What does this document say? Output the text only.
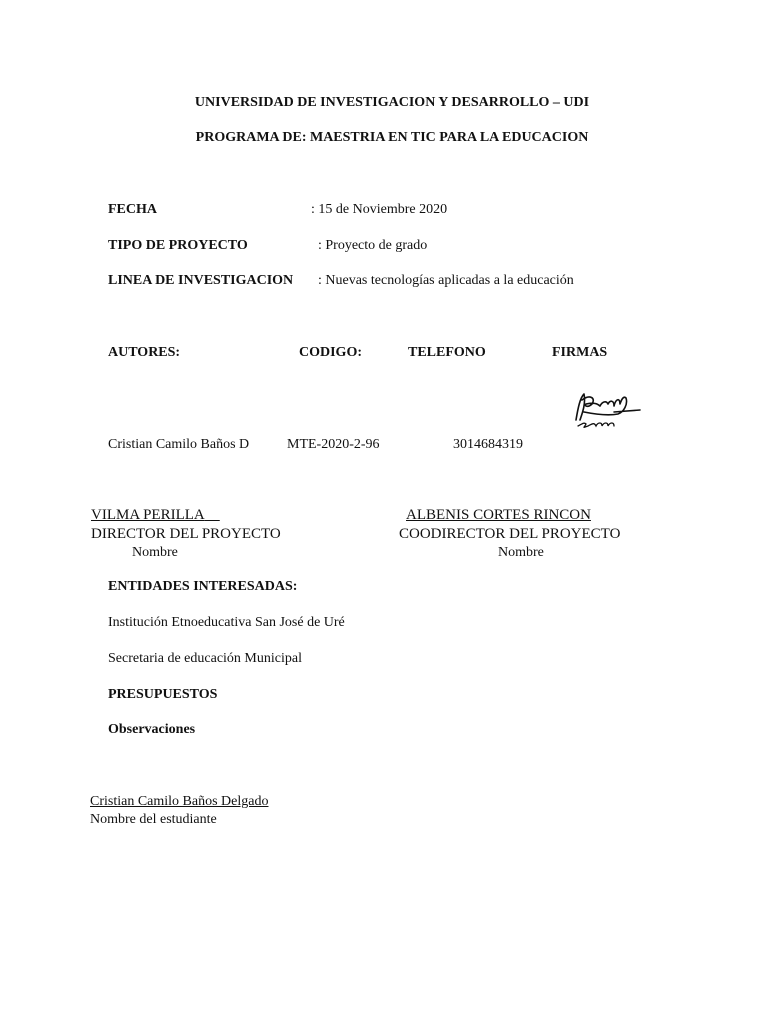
UNIVERSIDAD DE INVESTIGACION Y DESARROLLO – UDI
PROGRAMA DE: MAESTRIA EN TIC PARA LA EDUCACION
FECHA	: 15 de Noviembre 2020
TIPO DE PROYECTO	: Proyecto de grado
LINEA DE INVESTIGACION : Nuevas tecnologías aplicadas a la educación
AUTORES:	CODIGO:	TELEFONO	FIRMAS
Cristian Camilo Baños D	MTE-2020-2-96	3014684319
VILMA PERILLA
DIRECTOR DEL PROYECTO
Nombre
ALBENIS CORTES RINCON
COODIRECTOR DEL PROYECTO
Nombre
ENTIDADES INTERESADAS:
Institución Etnoeducativa San José de Uré
Secretaria de educación Municipal
PRESUPUESTOS
Observaciones
Cristian Camilo Baños Delgado
Nombre del estudiante
